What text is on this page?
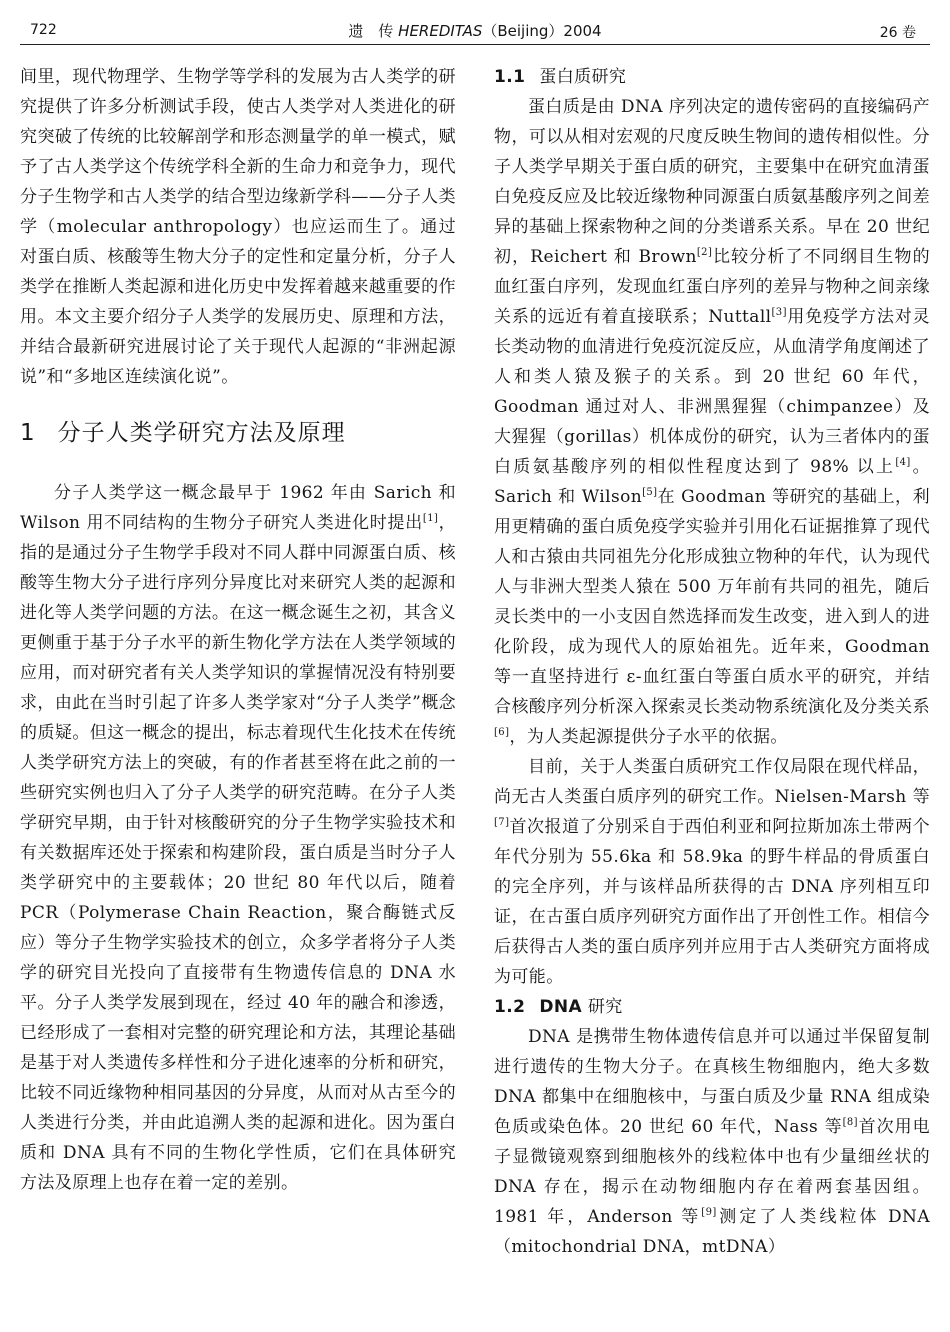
722	遗　传 HEREDITAS（Beijing）2004	26 卷

间里，现代物理学、生物学等学科的发展为古人类学的研究提供了许多分析测试手段，使古人类学对人类进化的研究突破了传统的比较解剖学和形态测量学的单一模式，赋予了古人类学这个传统学科全新的生命力和竞争力，现代分子生物学和古人类学的结合型边缘新学科——分子人类学（molecular anthropology）也应运而生了。通过对蛋白质、核酸等生物大分子的定性和定量分析，分子人类学在推断人类起源和进化历史中发挥着越来越重要的作用。本文主要介绍分子人类学的发展历史、原理和方法，并结合最新研究进展讨论了关于现代人起源的“非洲起源说”和“多地区连续演化说”。

1 分子人类学研究方法及原理

分子人类学这一概念最早于 1962 年由 Sarich 和 Wilson 用不同结构的生物分子研究人类进化时提出[1]，指的是通过分子生物学手段对不同人群中同源蛋白质、核酸等生物大分子进行序列分异度比对来研究人类的起源和进化等人类学问题的方法。在这一概念诞生之初，其含义更侧重于基于分子水平的新生物化学方法在人类学领域的应用，而对研究者有关人类学知识的掌握情况没有特别要求，由此在当时引起了许多人类学家对“分子人类学”概念的质疑。但这一概念的提出，标志着现代生化技术在传统人类学研究方法上的突破，有的作者甚至将在此之前的一些研究实例也归入了分子人类学的研究范畴。在分子人类学研究早期，由于针对核酸研究的分子生物学实验技术和有关数据库还处于探索和构建阶段，蛋白质是当时分子人类学研究中的主要载体；20 世纪 80 年代以后，随着 PCR（Polymerase Chain Reaction，聚合酶链式反应）等分子生物学实验技术的创立，众多学者将分子人类学的研究目光投向了直接带有生物遗传信息的 DNA 水平。分子人类学发展到现在，经过 40 年的融合和渗透，已经形成了一套相对完整的研究理论和方法，其理论基础是基于对人类遗传多样性和分子进化速率的分析和研究，比较不同近缘物种相同基因的分异度，从而对从古至今的人类进行分类，并由此追溯人类的起源和进化。因为蛋白质和 DNA 具有不同的生物化学性质，它们在具体研究方法及原理上也存在着一定的差别。

1.1 蛋白质研究

蛋白质是由 DNA 序列决定的遗传密码的直接编码产物，可以从相对宏观的尺度反映生物间的遗传相似性。分子人类学早期关于蛋白质的研究，主要集中在研究血清蛋白免疫反应及比较近缘物种同源蛋白质氨基酸序列之间差异的基础上探索物种之间的分类谱系关系。早在 20 世纪初，Reichert 和 Brown[2]比较分析了不同纲目生物的血红蛋白序列，发现血红蛋白序列的差异与物种之间亲缘关系的远近有着直接联系；Nuttall[3]用免疫学方法对灵长类动物的血清进行免疫沉淀反应，从血清学角度阐述了人和类人猿及猴子的关系。到 20 世纪 60 年代，Goodman 通过对人、非洲黑猩猩（chimpanzee）及大猩猩（gorillas）机体成份的研究，认为三者体内的蛋白质氨基酸序列的相似性程度达到了 98% 以上[4]。Sarich 和 Wilson[5]在 Goodman 等研究的基础上，利用更精确的蛋白质免疫学实验并引用化石证据推算了现代人和古猿由共同祖先分化形成独立物种的年代，认为现代人与非洲大型类人猿在 500 万年前有共同的祖先，随后灵长类中的一小支因自然选择而发生改变，进入到人的进化阶段，成为现代人的原始祖先。近年来，Goodman 等一直坚持进行 ε-血红蛋白等蛋白质水平的研究，并结合核酸序列分析深入探索灵长类动物系统演化及分类关系[6]，为人类起源提供分子水平的依据。

目前，关于人类蛋白质研究工作仅局限在现代样品，尚无古人类蛋白质序列的研究工作。Nielsen-Marsh 等[7]首次报道了分别采自于西伯利亚和阿拉斯加冻土带两个年代分别为 55.6ka 和 58.9ka 的野牛样品的骨质蛋白的完全序列，并与该样品所获得的古 DNA 序列相互印证，在古蛋白质序列研究方面作出了开创性工作。相信今后获得古人类的蛋白质序列并应用于古人类研究方面将成为可能。

1.2 DNA 研究

DNA 是携带生物体遗传信息并可以通过半保留复制进行遗传的生物大分子。在真核生物细胞内，绝大多数 DNA 都集中在细胞核中，与蛋白质及少量 RNA 组成染色质或染色体。20 世纪 60 年代，Nass 等[8]首次用电子显微镜观察到细胞核外的线粒体中也有少量细丝状的 DNA 存在，揭示在动物细胞内存在着两套基因组。1981 年，Anderson 等[9]测定了人类线粒体 DNA（mitochondrial DNA，mtDNA）
